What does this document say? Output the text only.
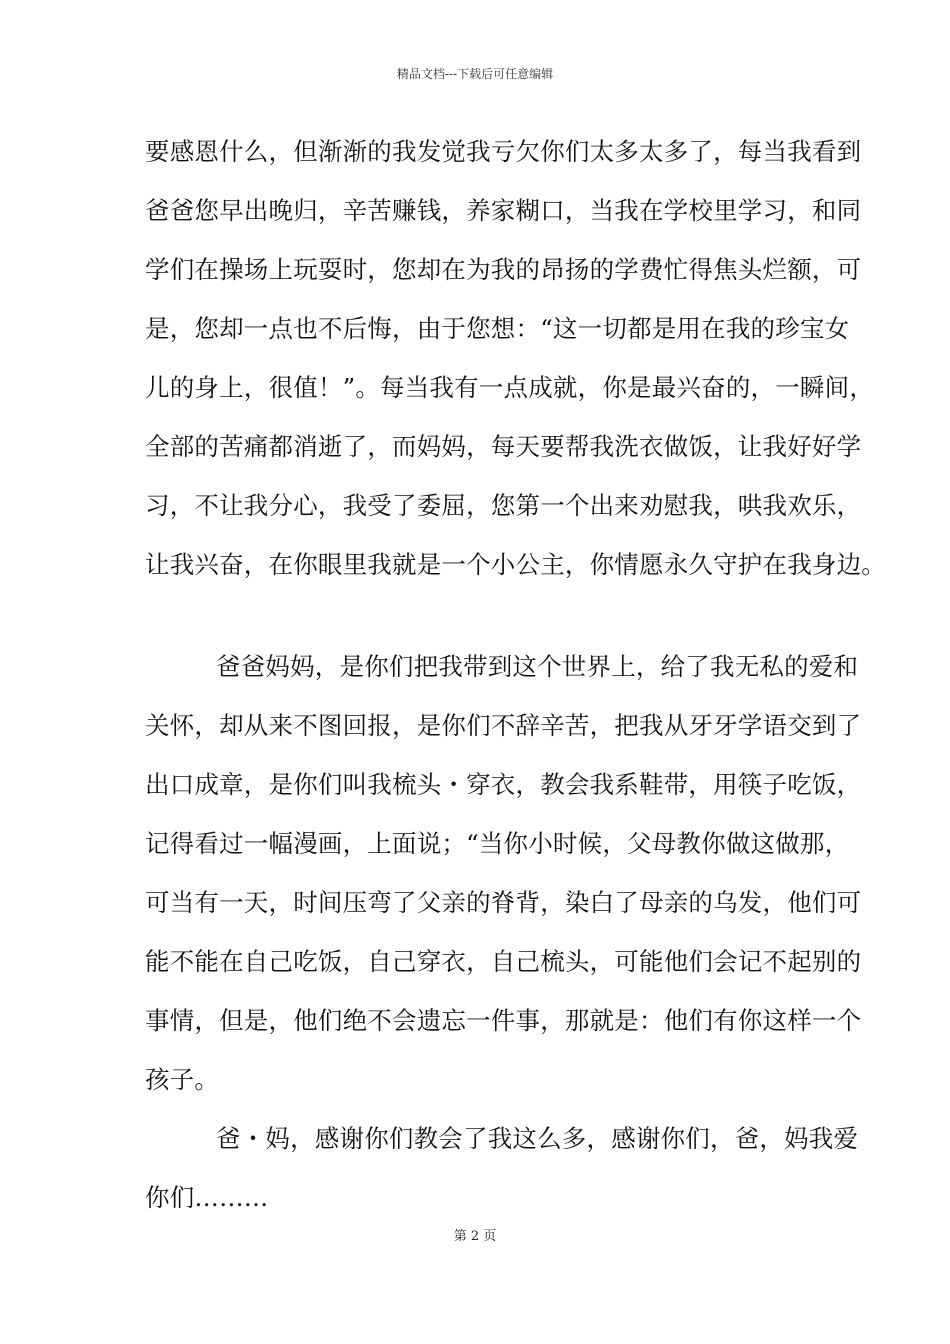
精品文档---下载后可任意编辑
要感恩什么，但渐渐的我发觉我亏欠你们太多太多了，每当我看到
爸爸您早出晚归，辛苦赚钱，养家糊口，当我在学校里学习，和同
学们在操场上玩耍时，您却在为我的昂扬的学费忙得焦头烂额，可
是，您却一点也不后悔，由于您想：“这一切都是用在我的珍宝女
儿的身上，很值！”。每当我有一点成就，你是最兴奋的，一瞬间，
全部的苦痛都消逝了，而妈妈，每天要帮我洗衣做饭，让我好好学
习，不让我分心，我受了委屈，您第一个出来劝慰我，哄我欢乐，
让我兴奋，在你眼里我就是一个小公主，你情愿永久守护在我身边。
爸爸妈妈，是你们把我带到这个世界上，给了我无私的爱和
关怀，却从来不图回报，是你们不辞辛苦，把我从牙牙学语交到了
出口成章，是你们叫我梳头・穿衣，教会我系鞋带，用筷子吃饭，
记得看过一幅漫画，上面说；“当你小时候，父母教你做这做那，
可当有一天，时间压弯了父亲的脊背，染白了母亲的乌发，他们可
能不能在自己吃饭，自己穿衣，自己梳头，可能他们会记不起别的
事情，但是，他们绝不会遗忘一件事，那就是：他们有你这样一个
孩子。
爸・妈，感谢你们教会了我这么多，感谢你们，爸，妈我爱
你们………
第 2 页
